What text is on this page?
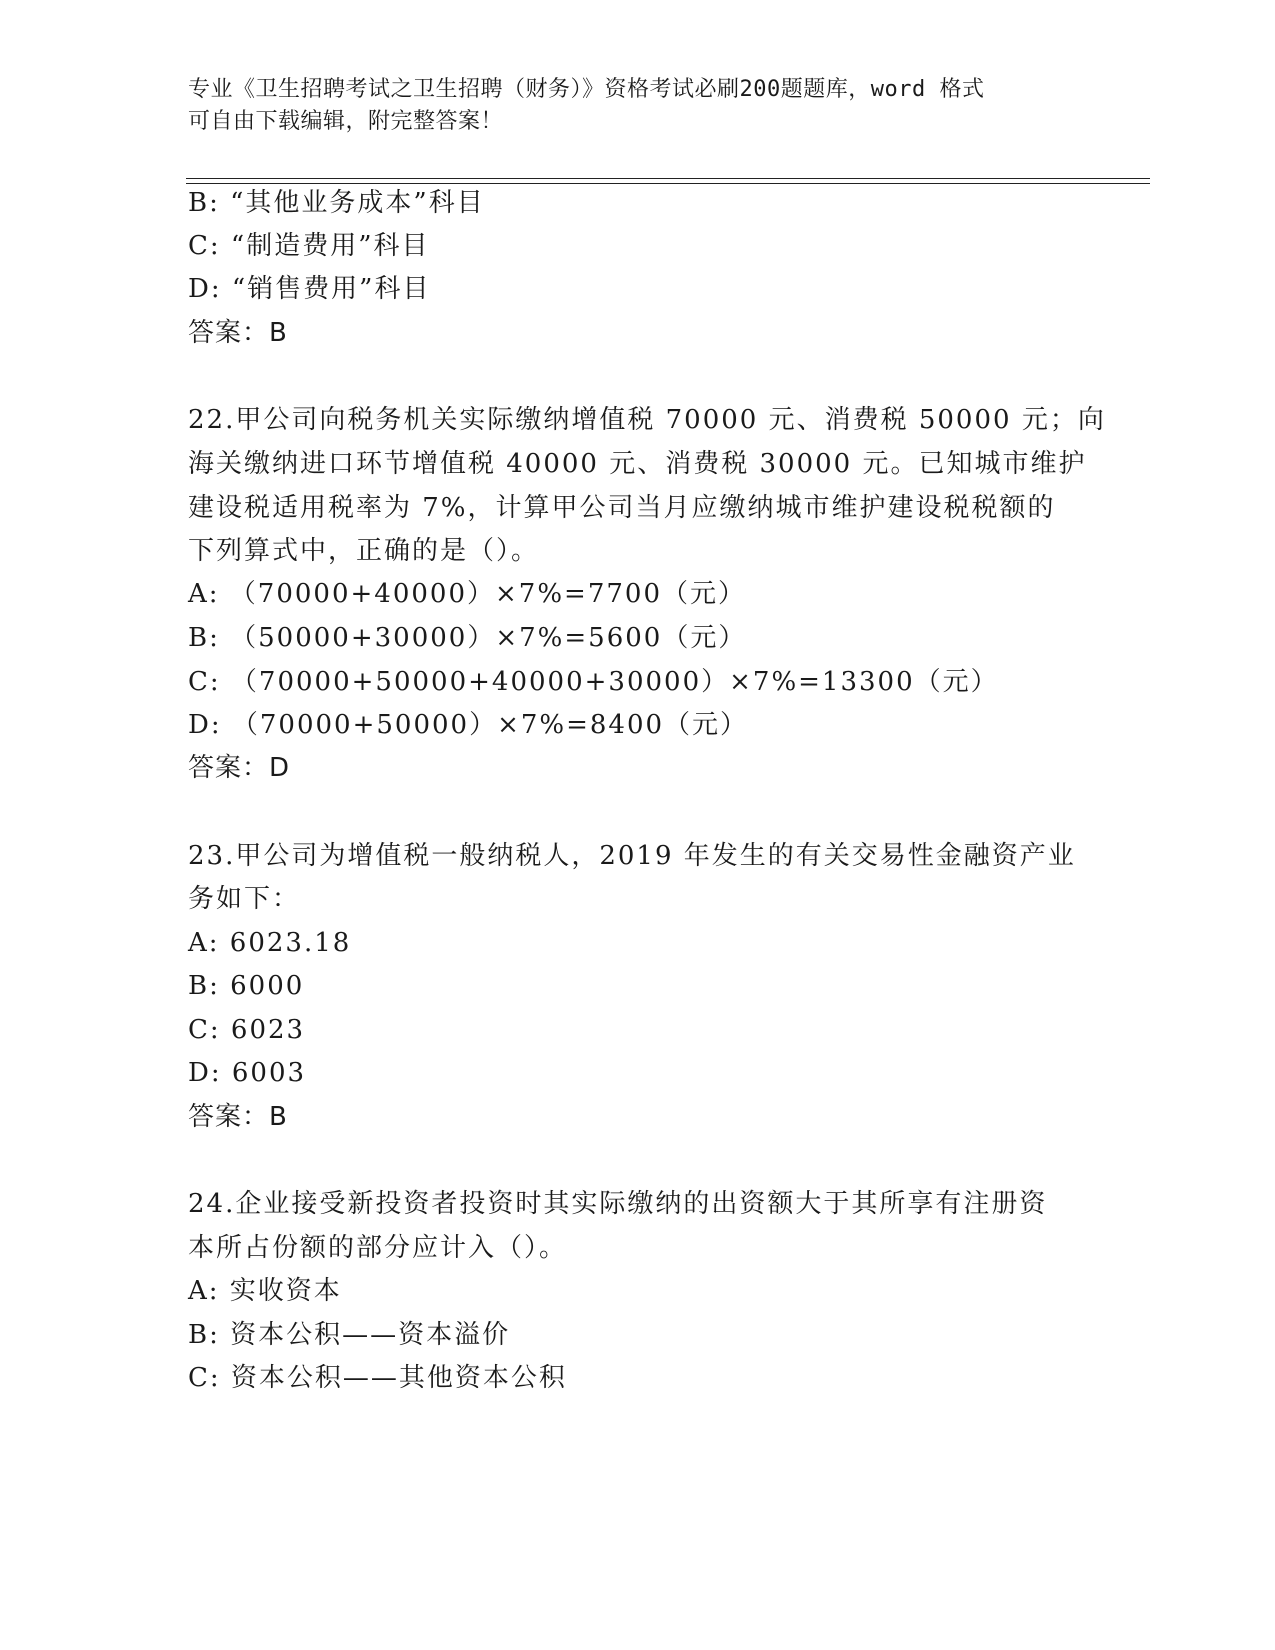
专业《卫生招聘考试之卫生招聘（财务）》资格考试必刷200题题库，word 格式
可自由下载编辑，附完整答案！
B: “其他业务成本”科目
C: “制造费用”科目
D: “销售费用”科目
答案：B
22.甲公司向税务机关实际缴纳增值税 70000 元、消费税 50000 元；向
海关缴纳进口环节增值税 40000 元、消费税 30000 元。已知城市维护
建设税适用税率为 7%，计算甲公司当月应缴纳城市维护建设税税额的
下列算式中，正确的是（）。
A: （70000+40000）×7%=7700（元）
B: （50000+30000）×7%=5600（元）
C: （70000+50000+40000+30000）×7%=13300（元）
D: （70000+50000）×7%=8400（元）
答案：D
23.甲公司为增值税一般纳税人，2019 年发生的有关交易性金融资产业
务如下：
A: 6023.18
B: 6000
C: 6023
D: 6003
答案：B
24.企业接受新投资者投资时其实际缴纳的出资额大于其所享有注册资
本所占份额的部分应计入（）。
A: 实收资本
B: 资本公积——资本溢价
C: 资本公积——其他资本公积
